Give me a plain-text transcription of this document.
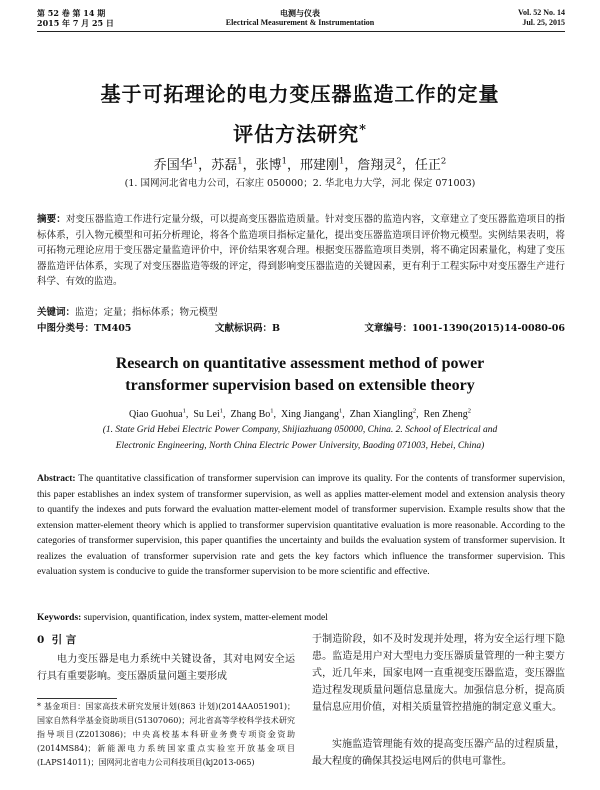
第 52 卷 第 14 期
2015 年 7 月 25 日
电测与仪表
Electrical Measurement & Instrumentation
Vol. 52 No. 14
Jul. 25, 2015
基于可拓理论的电力变压器监造工作的定量
评估方法研究*
乔国华$^1$，苏磊$^1$，张博$^1$，邢建刚$^1$，詹翔灵$^2$，任正$^2$
(1. 国网河北省电力公司，石家庄 050000；2. 华北电力大学，河北 保定 071003)
摘要：对变压器监造工作进行定量分级，可以提高变压器监造质量。针对变压器的监造内容，文章建立了变压器监造项目的指标体系，引入物元模型和可拓分析理论，将各个监造项目指标定量化，提出变压器监造项目评价物元模型。实例结果表明，将可拓物元理论应用于变压器定量监造评价中，评价结果客观合理。根据变压器监造项目类别，将不确定因素量化，构建了变压器监造评估体系，实现了对变压器监造等级的评定，得到影响变压器监造的关键因素，更有利于工程实际中对变压器生产进行科学、有效的监造。
关键词：监造；定量；指标体系；物元模型
中图分类号：TM405	文献标识码：B	文章编号：1001-1390(2015)14-0080-06
Research on quantitative assessment method of power
transformer supervision based on extensible theory
Qiao Guohua$^1$,  Su Lei$^1$,  Zhang Bo$^1$,  Xing Jiangang$^1$,  Zhan Xiangling$^2$,  Ren Zheng$^2$
(1. State Grid Hebei Electric Power Company, Shijiazhuang 050000, China. 2. School of Electrical and
Electronic Engineering, North China Electric Power University, Baoding 071003, Hebei, China)
Abstract: The quantitative classification of transformer supervision can improve its quality. For the contents of transformer supervision, this paper establishes an index system of transformer supervision, as well as applies matter-element model and extension analysis theory to quantify the indexes and puts forward the evaluation matter-element model of transformer supervision. Example results show that the extension matter-element theory which is applied to transformer supervision quantitative evaluation is more reasonable. According to the categories of transformer supervision, this paper quantifies the uncertainty and builds the evaluation system of transformer supervision. It realizes the evaluation of transformer supervision rate and gets the key factors which influence the transformer supervision. This evaluation system is conducive to guide the transformer supervision to be more scientific and effective.
Keywords: supervision, quantification, index system, matter-element model
0 引 言
电力变压器是电力系统中关键设备，其对电网安全运行具有重要影响。变压器质量问题主要形成
* 基金项目：国家高技术研究发展计划(863 计划)(2014AA051901)；国家自然科学基金资助项目(51307060)；河北省高等学校科学技术研究指导项目(Z2013086)；中央高校基本科研业务费专项资金资助(2014MS84)；新能源电力系统国家重点实验室开放基金项目(LAPS14011)；国网河北省电力公司科技项目(kj2013-065)
于制造阶段，如不及时发现并处理，将为安全运行埋下隐患。监造是用户对大型电力变压器质量管理的一种主要方式，近几年来，国家电网一直重视变压器监造，变压器监造过程发现质量问题信息量庞大。加强信息分析，提高质量信息应用价值，对相关质量管控措施的制定意义重大。
实施监造管理能有效的提高变压器产品的过程质量，最大程度的确保其投运电网后的供电可靠性。
